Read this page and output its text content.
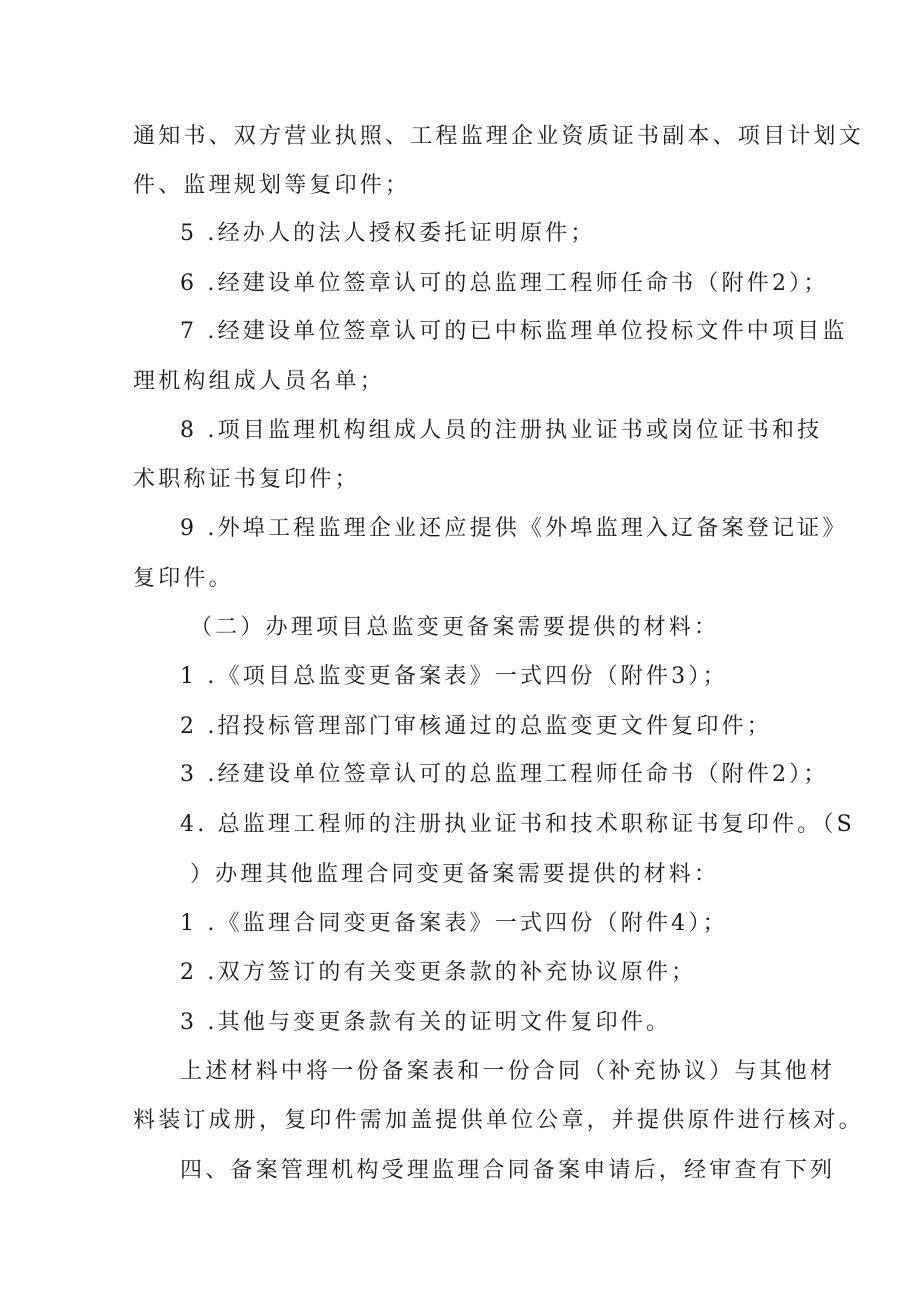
通知书、双方营业执照、工程监理企业资质证书副本、项目计划文
件、监理规划等复印件；
5 .经办人的法人授权委托证明原件；
6 .经建设单位签章认可的总监理工程师任命书（附件2）；
7 .经建设单位签章认可的已中标监理单位投标文件中项目监
理机构组成人员名单；
8 .项目监理机构组成人员的注册执业证书或岗位证书和技
术职称证书复印件；
9 .外埠工程监理企业还应提供《外埠监理入辽备案登记证》
复印件。
（二）办理项目总监变更备案需要提供的材料：
1 .《项目总监变更备案表》一式四份（附件3）；
2 .招投标管理部门审核通过的总监变更文件复印件；
3 .经建设单位签章认可的总监理工程师任命书（附件2）；
4. 总监理工程师的注册执业证书和技术职称证书复印件。（S
）办理其他监理合同变更备案需要提供的材料：
1 .《监理合同变更备案表》一式四份（附件4）；
2 .双方签订的有关变更条款的补充协议原件；
3 .其他与变更条款有关的证明文件复印件。
上述材料中将一份备案表和一份合同（补充协议）与其他材
料装订成册，复印件需加盖提供单位公章，并提供原件进行核对。
四、备案管理机构受理监理合同备案申请后，经审查有下列
